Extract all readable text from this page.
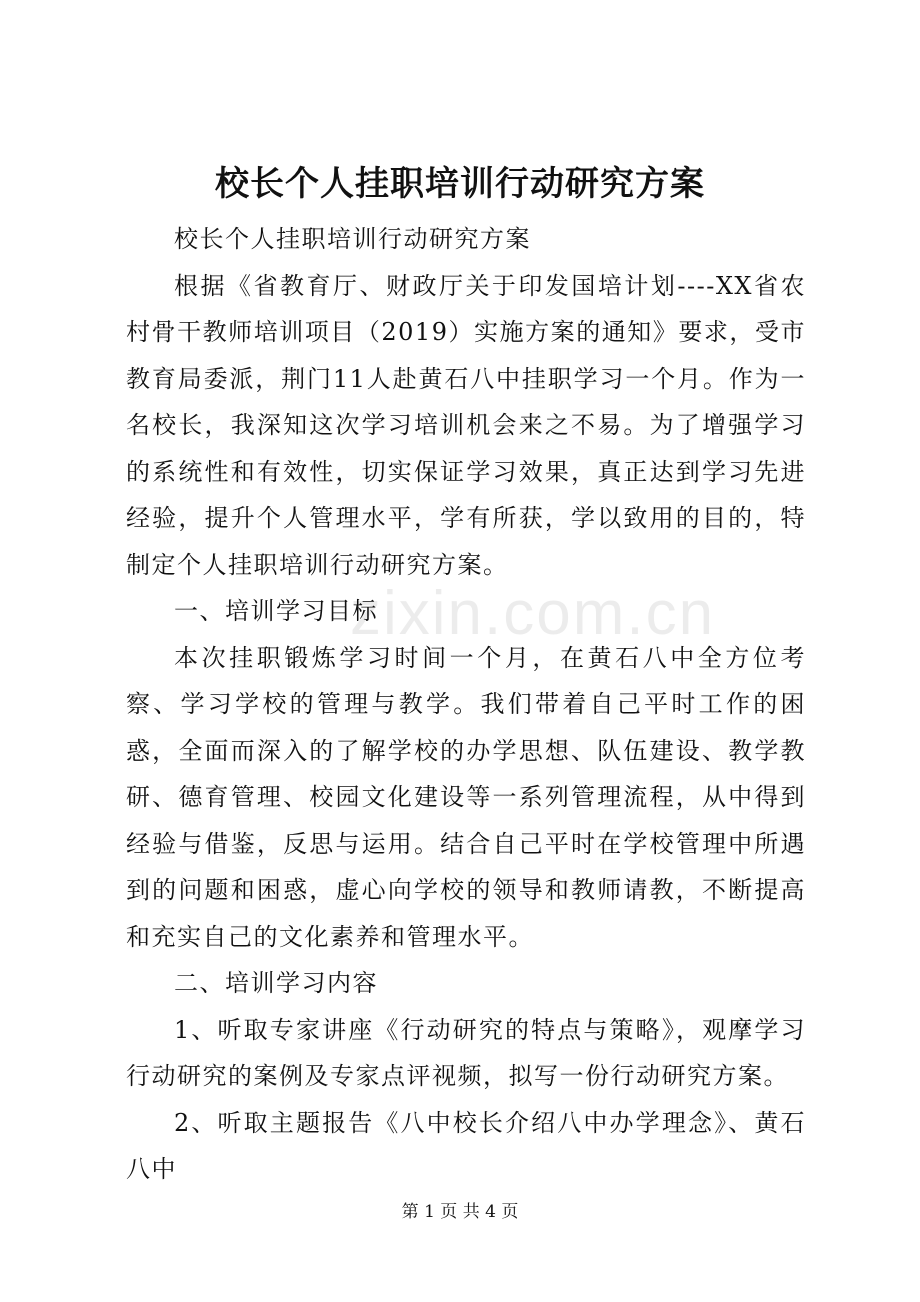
校长个人挂职培训行动研究方案

校长个人挂职培训行动研究方案

根据《省教育厅、财政厅关于印发国培计划----XX省农村骨干教师培训项目（2019）实施方案的通知》要求，受市教育局委派，荆门11人赴黄石八中挂职学习一个月。作为一名校长，我深知这次学习培训机会来之不易。为了增强学习的系统性和有效性，切实保证学习效果，真正达到学习先进经验，提升个人管理水平，学有所获，学以致用的目的，特制定个人挂职培训行动研究方案。

一、培训学习目标

本次挂职锻炼学习时间一个月，在黄石八中全方位考察、学习学校的管理与教学。我们带着自己平时工作的困惑，全面而深入的了解学校的办学思想、队伍建设、教学教研、德育管理、校园文化建设等一系列管理流程，从中得到经验与借鉴，反思与运用。结合自己平时在学校管理中所遇到的问题和困惑，虚心向学校的领导和教师请教，不断提高和充实自己的文化素养和管理水平。

二、培训学习内容

1、听取专家讲座《行动研究的特点与策略》，观摩学习行动研究的案例及专家点评视频，拟写一份行动研究方案。

2、听取主题报告《八中校长介绍八中办学理念》、黄石八中

zixin.com.cn
第 1 页 共 4 页
